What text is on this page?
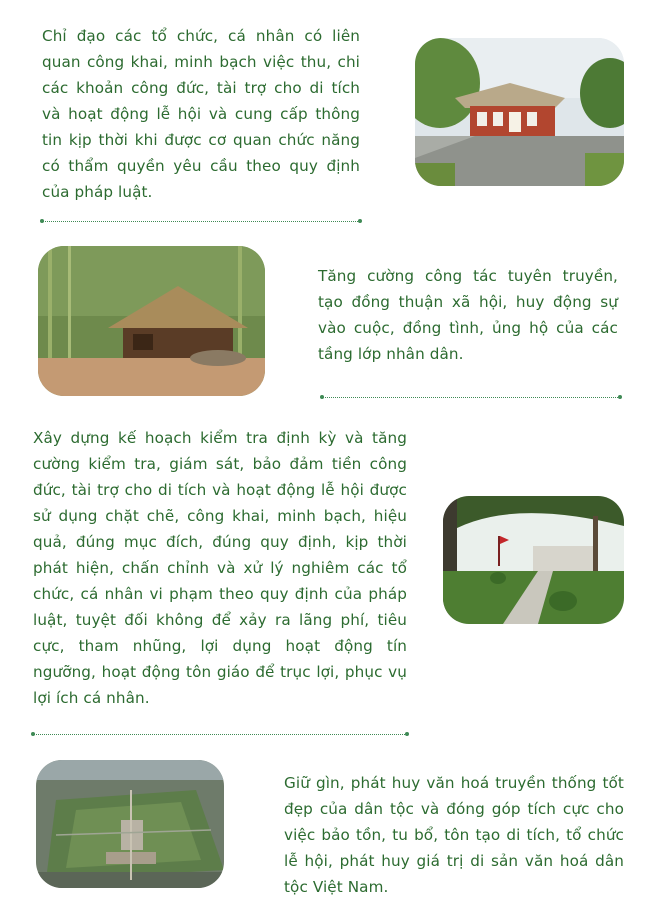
Chỉ đạo các tổ chức, cá nhân có liên quan công khai, minh bạch việc thu, chi các khoản công đức, tài trợ cho di tích và hoạt động lễ hội và cung cấp thông tin kịp thời khi được cơ quan chức năng có thẩm quyền yêu cầu theo quy định của pháp luật.

Tăng cường công tác tuyên truyền, tạo đồng thuận xã hội, huy động sự vào cuộc, đồng tình, ủng hộ của các tầng lớp nhân dân.

Xây dựng kế hoạch kiểm tra định kỳ và tăng cường kiểm tra, giám sát, bảo đảm tiền công đức, tài trợ cho di tích và hoạt động lễ hội được sử dụng chặt chẽ, công khai, minh bạch, hiệu quả, đúng mục đích, đúng quy định, kịp thời phát hiện, chấn chỉnh và xử lý nghiêm các tổ chức, cá nhân vi phạm theo quy định của pháp luật, tuyệt đối không để xảy ra lãng phí, tiêu cực, tham nhũng, lợi dụng hoạt động tín ngưỡng, hoạt động tôn giáo để trục lợi, phục vụ lợi ích cá nhân.

Giữ gìn, phát huy văn hoá truyền thống tốt đẹp của dân tộc và đóng góp tích cực cho việc bảo tồn, tu bổ, tôn tạo di tích, tổ chức lễ hội, phát huy giá trị di sản văn hoá dân tộc Việt Nam.
